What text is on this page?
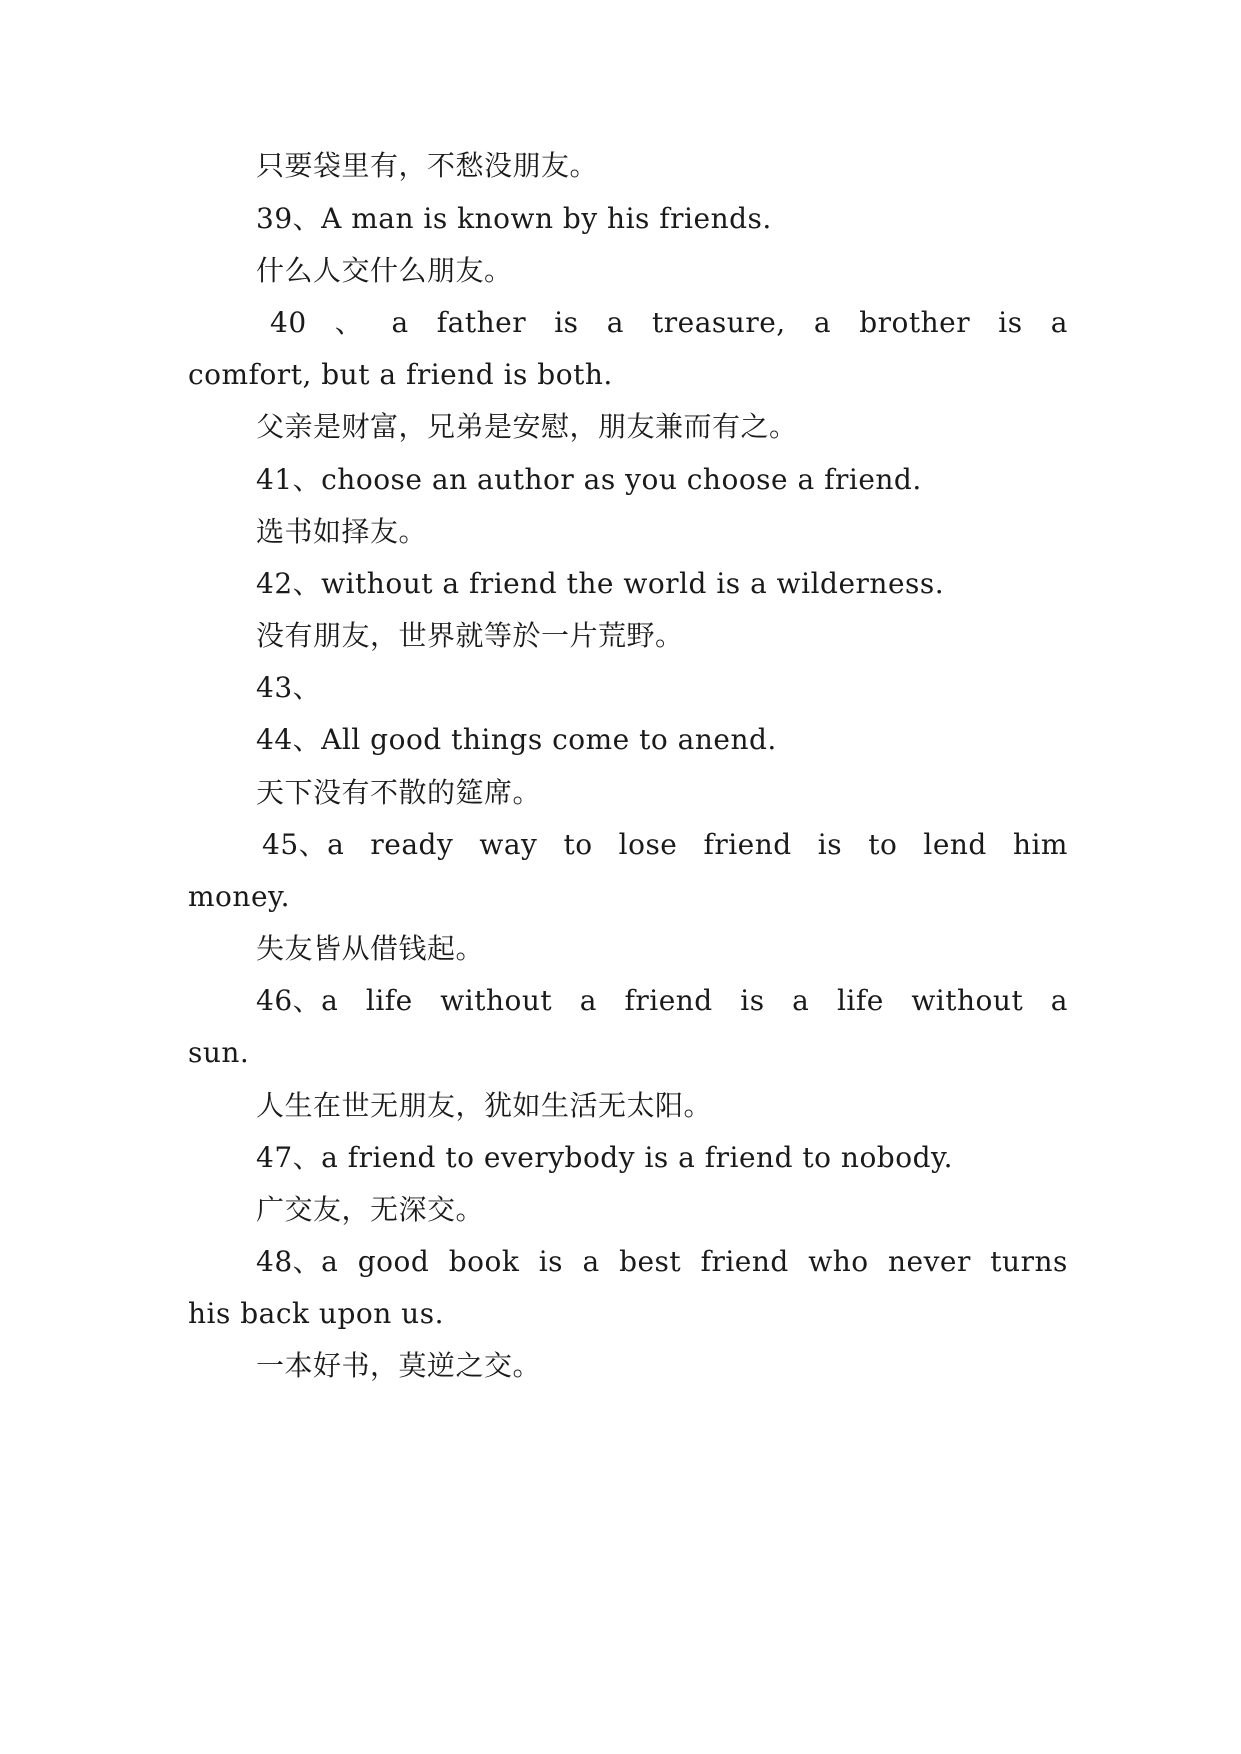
只要袋里有，不愁没朋友。
39、A man is known by his friends.
什么人交什么朋友。
40 、 a father is a treasure, a brother is a
comfort, but a friend is both.
父亲是财富，兄弟是安慰，朋友兼而有之。
41、choose an author as you choose a friend.
选书如择友。
42、without a friend the world is a wilderness.
没有朋友，世界就等於一片荒野。
43、
44、All good things come to anend.
天下没有不散的筵席。
45、a ready way to lose friend is to lend him
money.
失友皆从借钱起。
46、a life without a friend is a life without a
sun.
人生在世无朋友，犹如生活无太阳。
47、a friend to everybody is a friend to nobody.
广交友，无深交。
48、a good book is a best friend who never turns
his back upon us.
一本好书，莫逆之交。
